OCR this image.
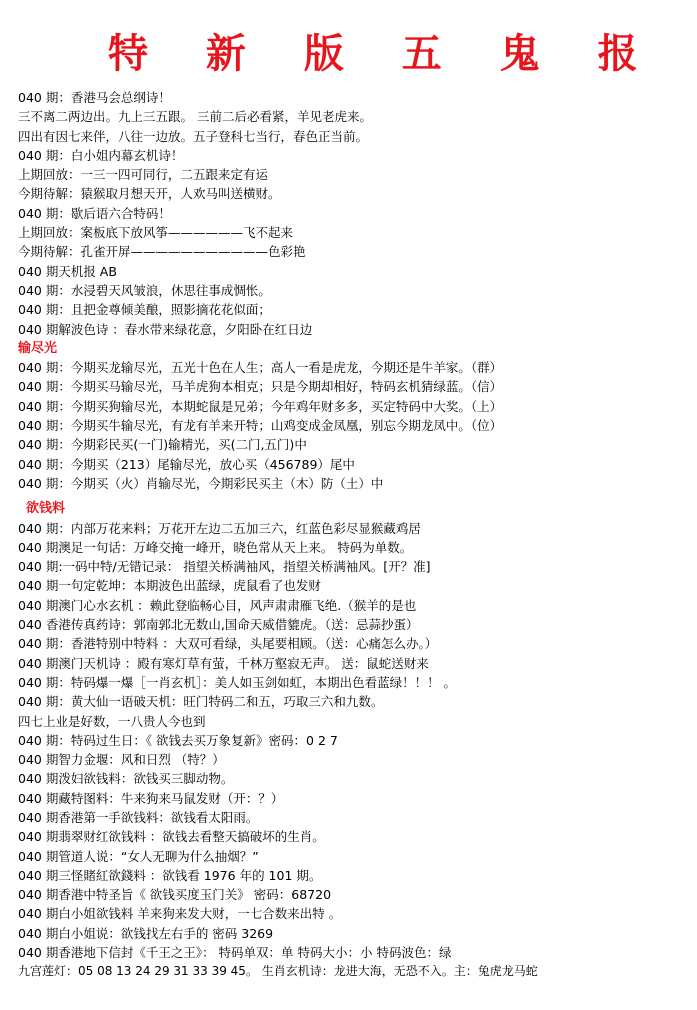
特 新 版 五 鬼 报
040 期：香港马会总纲诗！
三不离二两边出。九上三五跟。 三前二后必看紧，羊见老虎来。
四出有因七来伴，八往一边放。五子登科七当行，春色正当前。
040 期：白小姐内幕玄机诗！
上期回放：一三一四可同行，二五跟来定有运
今期待解：猿猴取月想天开，人欢马叫送横财。
040 期：歇后语六合特码！
上期回放：案板底下放风筝——————飞不起来
今期待解：孔雀开屏———————————色彩艳
040 期天机报 AB
040 期：水浸碧天风皱浪，休思往事成惆怅。
040 期：且把金尊倾美酿，照影摘花花似面；
040 期解波色诗 ：春水带来绿花意，夕阳卧在红日边
输尽光
040 期：今期买龙输尽光，五光十色在人生；高人一看是虎龙，今期还是牛羊家。（群）
040 期：今期买马输尽光，马羊虎狗本相克；只是今期却相好，特码玄机猜绿蓝。（信）
040 期：今期买狗输尽光，本期蛇鼠是兄弟；今年鸡年财多多，买定特码中大奖。（上）
040 期：今期买牛输尽光，有龙有羊来开特；山鸡变成金凤凰，别忘今期龙凤中。（位）
040 期：今期彩民买(一门)输精光，买(二门,五门)中
040 期：今期买（213）尾输尽光，放心买（456789）尾中
040 期：今期买（火）肖输尽光，今期彩民买主（木）防（土）中
欲钱料
040 期：内部万花来料；万花开左边二五加三六，红蓝色彩尽显猴藏鸡居
040 期澳足一句话：万峰交掩一峰开，晓色常从天上来。 特码为单数。
040 期:一码中特/无错记录： 指望关桥满袖风，指望关桥满袖风。[开？准]
040 期一句定乾坤：本期波色出蓝绿，虎鼠看了也发财
040 期澳门心水玄机 ：赖此登临畅心目，风声肃肃雁飞绝.（猴羊的是也
040 香港传真药诗：郭南郭北无数山,国命天威借貔虎。（送：忌蒜抄蛋）
040 期：香港特别中特料 ：大双可看绿，头尾要相顾。（送：心痛怎么办。）
040 期澳门天机诗 ：殿有寒灯草有萤，千林万壑寂无声。 送：鼠蛇送财来
040 期：特码爆一爆［一肖玄机］：美人如玉剑如虹，本期出色看蓝绿！！！ 。
040 期：黄大仙一语破天机：旺门特码二和五，巧取三六和九数。
四七上业是好数，一八贵人今也到
040 期：特码过生日：《 欲钱去买万象复新》密码：0 2 7
040 期智力金堰：风和日烈 （特？）
040 期泼妇欲钱料：欲钱买三脚动物。
040 期藏特图料：牛来狗来马鼠发财（开：？）
040 期香港第一手欲钱料：欲钱看太阳雨。
040 期翡翠财红欲钱料 ：欲钱去看整天搞破坏的生肖。
040 期管道人说：“女人无聊为什么抽烟？”
040 期三怪賭紅欲錢料 ：欲钱看 1976 年的 101 期。
040 期香港中特圣旨《 欲钱买度玉门关》 密码：68720
040 期白小姐欲钱料 羊来狗来发大财，一七合数来出特 。
040 期白小姐说：欲钱找左右手的 密码 3269
040 期香港地下信封《千王之王》： 特码单双：单 特码大小：小 特码波色：绿
九宫莲灯：05 08 13 24 29 31 33 39 45。 生肖玄机诗：龙进大海，无恐不入。主：兔虎龙马蛇
